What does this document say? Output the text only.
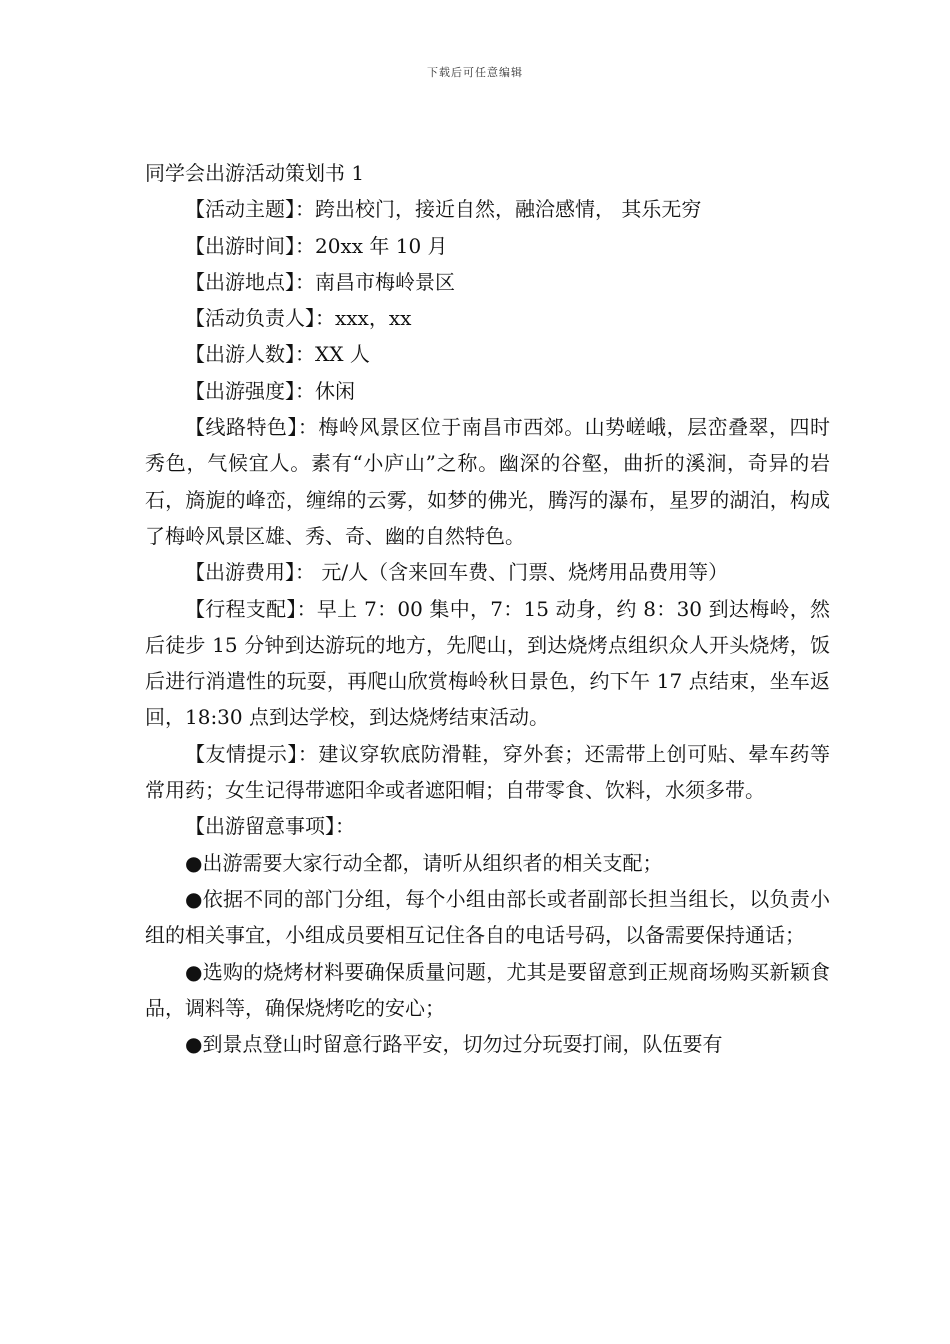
下载后可任意编辑
同学会出游活动策划书 1

【活动主题】：跨出校门，接近自然，融洽感情， 其乐无穷

【出游时间】：20xx 年 10 月

【出游地点】：南昌市梅岭景区

【活动负责人】：xxx，xx

【出游人数】：XX 人

【出游强度】：休闲

【线路特色】：梅岭风景区位于南昌市西郊。山势嵯峨，层峦叠翠，四时秀色，气候宜人。素有“小庐山”之称。幽深的谷壑，曲折的溪涧，奇异的岩石，旖旎的峰峦，缠绵的云雾，如梦的佛光，腾泻的瀑布，星罗的湖泊，构成了梅岭风景区雄、秀、奇、幽的自然特色。

【出游费用】： 元/人（含来回车费、门票、烧烤用品费用等）

【行程支配】：早上 7：00 集中，7：15 动身，约 8：30 到达梅岭，然后徒步 15 分钟到达游玩的地方，先爬山，到达烧烤点组织众人开头烧烤，饭后进行消遣性的玩耍，再爬山欣赏梅岭秋日景色，约下午 17 点结束，坐车返回，18:30 点到达学校，到达烧烤结束活动。

【友情提示】：建议穿软底防滑鞋，穿外套；还需带上创可贴、晕车药等常用药；女生记得带遮阳伞或者遮阳帽；自带零食、饮料，水须多带。

【出游留意事项】：

●出游需要大家行动全都，请听从组织者的相关支配；

●依据不同的部门分组，每个小组由部长或者副部长担当组长，以负责小组的相关事宜，小组成员要相互记住各自的电话号码，以备需要保持通话；

●选购的烧烤材料要确保质量问题，尤其是要留意到正规商场购买新颖食品，调料等，确保烧烤吃的安心；

●到景点登山时留意行路平安，切勿过分玩耍打闹，队伍要有
